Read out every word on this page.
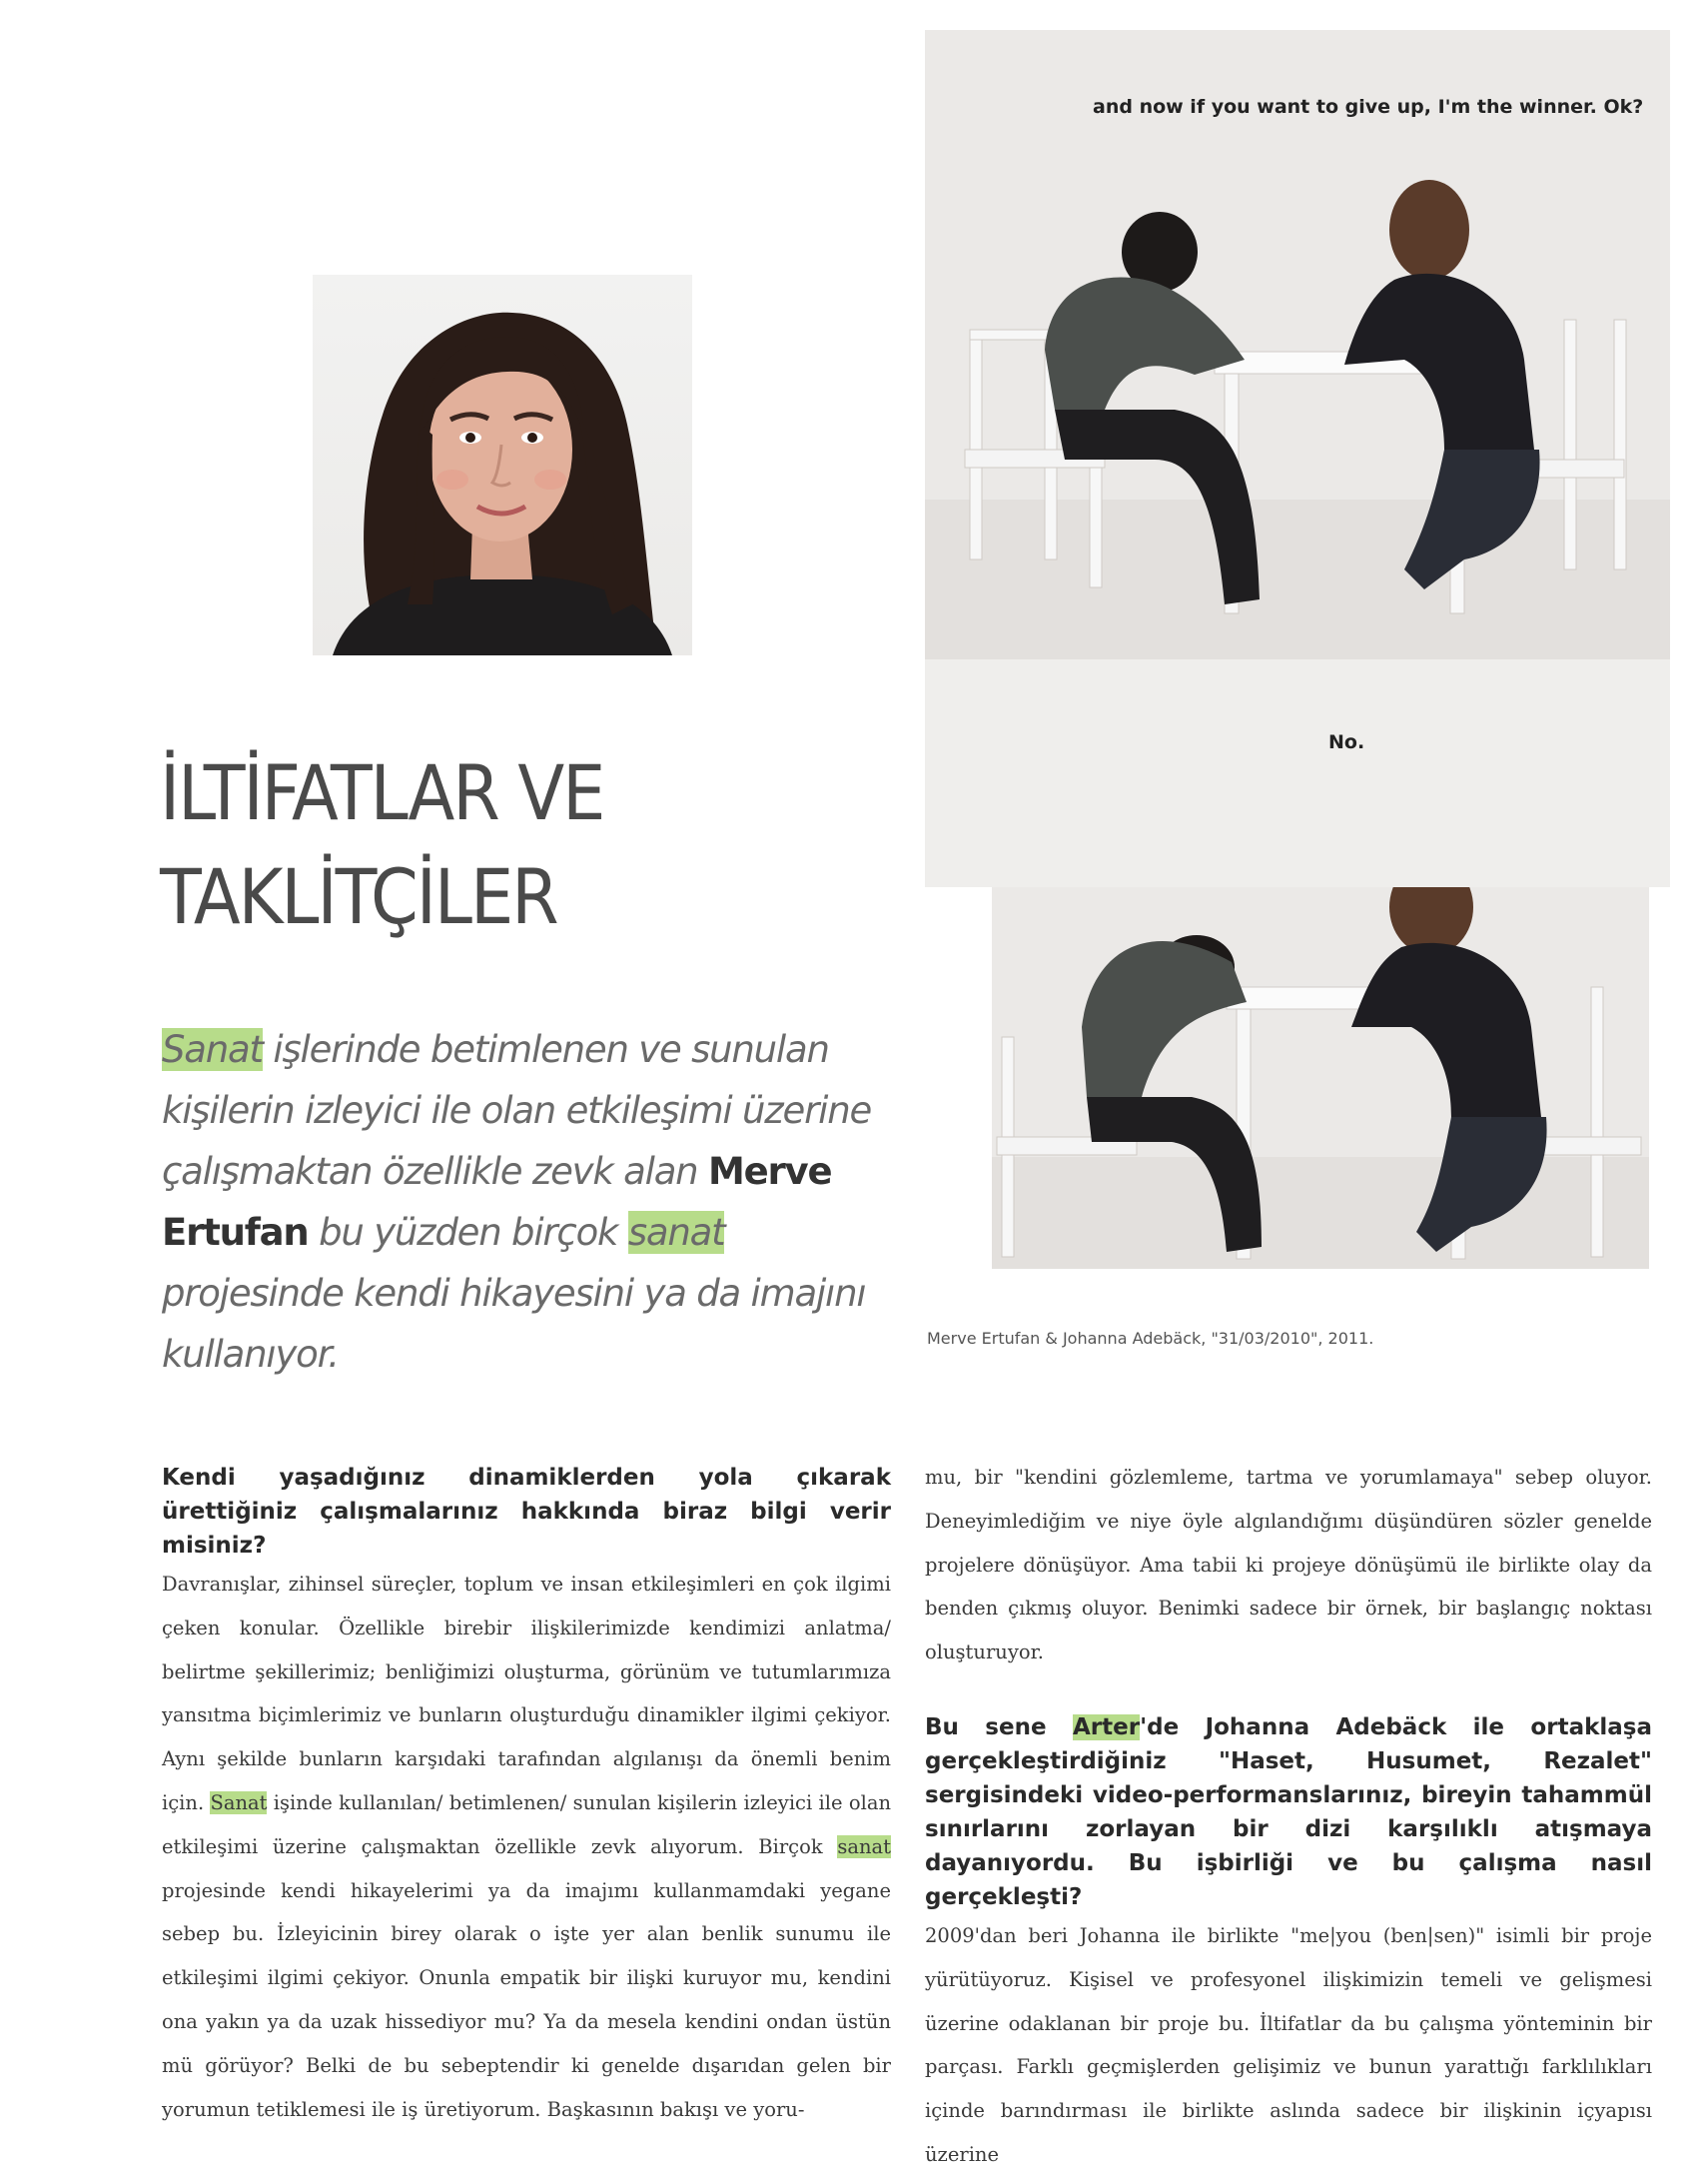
and now if you want to give up, I'm the winner. Ok?
No.
İLTİFATLAR VE
TAKLİTÇİLER

Sanat işlerinde betimlenen ve sunulan kişilerin izleyici ile olan etkileşimi üzerine çalışmaktan özellikle zevk alan Merve Ertufan bu yüzden birçok sanat projesinde kendi hikayesini ya da imajını kullanıyor.	Merve Ertufan & Johanna Adebäck, "31/03/2010", 2011.

Kendi yaşadığınız dinamiklerden yola çıkarak ürettiğiniz çalışmalarınız hakkında biraz bilgi verir misiniz?

Davranışlar, zihinsel süreçler, toplum ve insan etkileşimleri en çok ilgimi çeken konular. Özellikle birebir ilişkilerimizde kendimizi anlatma/ belirtme şekillerimiz; benliğimizi oluşturma, görünüm ve tutumlarımıza yansıtma biçimlerimiz ve bunların oluşturduğu dinamikler ilgimi çekiyor. Aynı şekilde bunların karşıdaki tarafından algılanışı da önemli benim için. Sanat işinde kullanılan/ betimlenen/ sunulan kişilerin izleyici ile olan etkileşimi üzerine çalışmaktan özellikle zevk alıyorum. Birçok sanat projesinde kendi hikayelerimi ya da imajımı kullanmamdaki yegane sebep bu. İzleyicinin birey olarak o işte yer alan benlik sunumu ile etkileşimi ilgimi çekiyor. Onunla empatik bir ilişki kuruyor mu, kendini ona yakın ya da uzak hissediyor mu? Ya da mesela kendini ondan üstün mü görüyor? Belki de bu sebeptendir ki genelde dışarıdan gelen bir yorumun tetiklemesi ile iş üretiyorum. Başkasının bakışı ve yoru-

mu, bir "kendini gözlemleme, tartma ve yorumlamaya" sebep oluyor. Deneyimlediğim ve niye öyle algılandığımı düşündüren sözler genelde projelere dönüşüyor. Ama tabii ki projeye dönüşümü ile birlikte olay da benden çıkmış oluyor. Benimki sadece bir örnek, bir başlangıç noktası oluşturuyor.

Bu sene Arter'de Johanna Adebäck ile ortaklaşa gerçekleştirdiğiniz "Haset, Husumet, Rezalet" sergisindeki video-performanslarınız, bireyin tahammül sınırlarını zorlayan bir dizi karşılıklı atışmaya dayanıyordu. Bu işbirliği ve bu çalışma nasıl gerçekleşti?

2009'dan beri Johanna ile birlikte "me|you (ben|sen)" isimli bir proje yürütüyoruz. Kişisel ve profesyonel ilişkimizin temeli ve gelişmesi üzerine odaklanan bir proje bu. İltifatlar da bu çalışma yönteminin bir parçası. Farklı geçmişlerden gelişimiz ve bunun yarattığı farklılıkları içinde barındırması ile birlikte aslında sadece bir ilişkinin içyapısı üzerine
